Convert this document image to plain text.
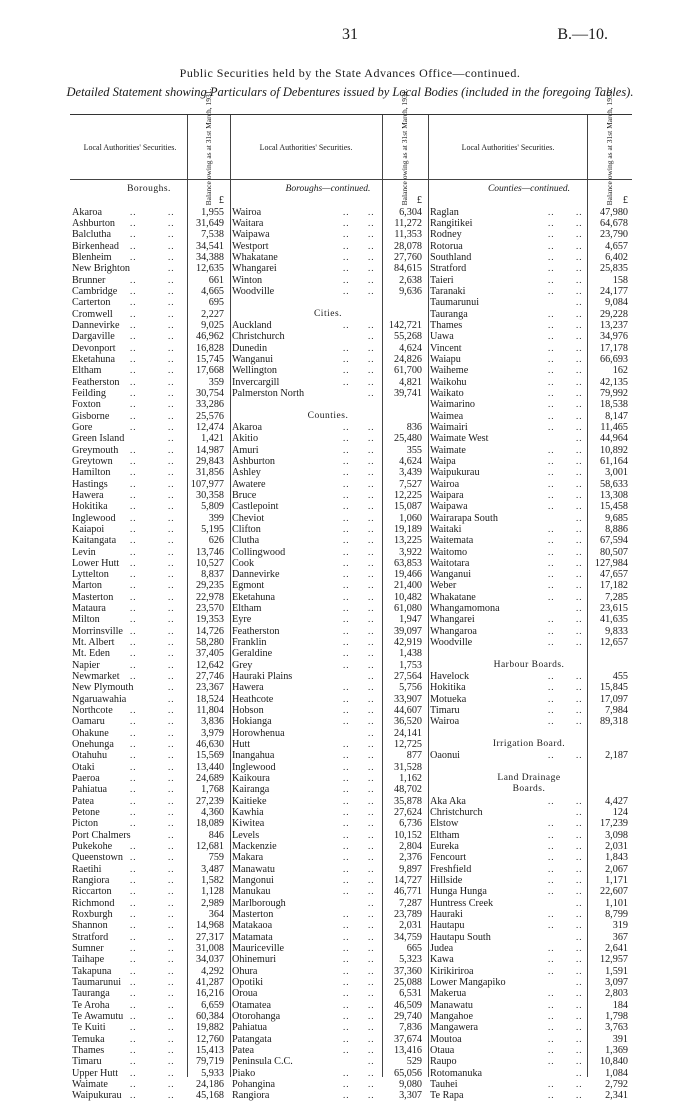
31	B.—10.
Public Securities held by the State Advances Office—continued.
Detailed Statement showing Particulars of Debentures issued by Local Bodies (included in the foregoing Tables).
Local Authorities' Securities.	Balance owing as at 31st March, 1931.	Local Authorities' Securities.	Balance owing as at 31st March, 1931.	Local Authorities' Securities.	Balance owing as at 31st March, 1931.
Boroughs.
£
Akaroa	..	..	1,955
Ashburton ..	.. 31,649
Balclutha ..	..	7,538
Birkenhead ..	.. 34,541
Blenheim ..	.. 34,388
New Brighton	.. 12,635
Brunner	..	..	661
Cambridge ..	..	4,665
Carterton ..	..	695
Cromwell ..	..	2,227
Dannevirke ..	..	9,025
Dargaville ..	.. 46,962
Devonport ..	.. 16,828
Eketahuna ..	.. 15,745
Eltham	..	.. 17,668
Featherston ..	..	359
Feilding	..	.. 30,754
Foxton	..	.. 33,286
Gisborne ..	.. 25,576
Gore	..	.. 12,474
Green Island	..	1,421
Greymouth ..	.. 14,987
Greytown ..	.. 29,843
Hamilton ..	.. 31,856
Hastings ..	.. 107,977
Hawera	..	.. 30,358
Hokitika ..	..	5,809
Inglewood ..	..	399
Kaiapoi	..	..	5,195
Kaitangata ..	..	626
Levin	..	.. 13,746
Lower Hutt ..	.. 10,527
Lyttelton ..	..	8,837
Marton	..	.. 29,235
Masterton ..	.. 22,978
Mataura	..	.. 23,570
Milton	..	.. 19,353
Morrinsville ..	.. 14,726
Mt. Albert ..	.. 58,280
Mt. Eden ..	.. 37,405
Napier	..	.. 12,642
Newmarket ..	.. 27,746
New Plymouth	.. 23,367
Ngaruawahia	.. 18,524
Northcote ..	.. 11,804
Oamaru	..	..	3,836
Ohakune ..	..	3,979
Onehunga ..	.. 46,630
Otahuhu	..	.. 15,569
Otaki	..	.. 13,440
Paeroa	..	.. 24,689
Pahiatua	..	..	1,768
Patea	..	.. 27,239
Petone	..	..	4,360
Picton	..	.. 18,089
Port Chalmers	..	846
Pukekohe ..	.. 12,681
Queenstown ..	..	759
Raetihi	..	..	3,487
Rangiora ..	..	1,582
Riccarton ..	..	1,128
Richmond ..	..	2,989
Roxburgh ..	..	364
Shannon ..	.. 14,968
Stratford ..	.. 27,317
Sumner	..	.. 31,008
Taihape	..	.. 34,037
Takapuna ..	..	4,292
Taumarunui ..	.. 41,287
Tauranga ..	.. 16,216
Te Aroha ..	..	6,659
Te Awamutu ..	.. 60,384
Te Kuiti	..	.. 19,882
Temuka	..	.. 12,760
Thames	..	.. 15,413
Timaru	..	.. 79,719
Upper Hutt ..	..	5,933
Waimate ..	.. 24,186
Waipukurau ..	.. 45,168
Boroughs—continued.
£
Wairoa	.. .. 6,304
Waitara	.. .. 11,272
Waipawa	.. .. 11,353
Westport	.. .. 28,078
Whakatane	.. .. 27,760
Whangarei	.. .. 84,615
Winton	.. .. 2,638
Woodville	.. .. 9,636
Cities.
Auckland	.. .. 142,721
Christchurch	.. 55,268
Dunedin	.. .. 4,624
Wanganui	.. .. 24,826
Wellington	.. .. 61,700
Invercargill	.. .. 4,821
Palmerston North	.. 39,741
Counties.
Akaroa	.. ..	836
Akitio	.. .. 25,480
Amuri	.. ..	355
Ashburton	.. .. 4,624
Ashley	.. .. 3,439
Awatere	.. .. 7,527
Bruce	.. .. 12,225
Castlepoint	.. .. 15,087
Cheviot	.. .. 1,060
Clifton	.. .. 19,189
Clutha	.. .. 13,225
Collingwood	.. .. 3,922
Cook	.. .. 63,853
Dannevirke	.. .. 19,466
Egmont	.. .. 21,400
Eketahuna	.. .. 10,482
Eltham	.. .. 61,080
Eyre	.. .. 1,947
Featherston	.. .. 39,097
Franklin	.. .. 42,919
Geraldine	.. .. 1,438
Grey	.. .. 1,753
Hauraki Plains	.. 27,564
Hawera	.. .. 5,756
Heathcote	.. .. 33,907
Hobson	.. .. 44,607
Hokianga	.. .. 36,520
Horowhenua	.. 24,141
Hutt	.. .. 12,725
Inangahua	.. ..	877
Inglewood	.. .. 31,528
Kaikoura	.. .. 1,162
Kairanga	.. .. 48,702
Kaitieke	.. .. 35,878
Kawhia	.. .. 27,624
Kiwitea	.. .. 6,736
Levels	.. .. 10,152
Mackenzie	.. .. 2,804
Makara	.. .. 2,376
Manawatu	.. .. 9,897
Mangonui	.. .. 14,727
Manukau	.. .. 46,771
Marlborough	.. 7,287
Masterton	.. .. 23,789
Matakaoa	.. .. 2,031
Matamata	.. .. 34,759
Mauriceville	.. ..	665
Ohinemuri	.. .. 5,323
Ohura	.. .. 37,360
Opotiki	.. .. 25,088
Oroua	.. .. 6,531
Otamatea	.. .. 46,509
Otorohanga	.. .. 29,740
Pahiatua	.. .. 7,836
Patangata	.. .. 37,674
Patea	.. .. 13,416
Peninsula C.C.	..	529
Piako	.. .. 65,056
Pohangina	.. .. 9,080
Rangiora	.. .. 3,307
Counties—continued.
£
Raglan	.. .. 47,980
Rangitikei	.. .. 64,678
Rodney	.. .. 23,790
Rotorua	.. .. 4,657
Southland	.. .. 6,402
Stratford	.. .. 25,835
Taieri	.. ..	158
Taranaki	.. .. 24,177
Taumarunui	.. 9,084
Tauranga	.. .. 29,228
Thames	.. .. 13,237
Uawa	.. .. 34,976
Vincent	.. .. 17,178
Waiapu	.. .. 66,693
Waiheme	.. ..	162
Waikohu	.. .. 42,135
Waikato	.. .. 79,992
Waimarino	.. .. 18,538
Waimea	.. .. 8,147
Waimairi	.. .. 11,465
Waimate West	.. 44,964
Waimate	.. .. 10,892
Waipa	.. .. 61,164
Waipukurau	.. .. 3,001
Wairoa	.. .. 58,633
Waipara	.. .. 13,308
Waipawa	.. .. 15,458
Wairarapa South	.. 9,685
Waitaki	.. .. 8,886
Waitemata	.. .. 67,594
Waitomo	.. .. 80,507
Waitotara	.. .. 127,984
Wanganui	.. .. 47,657
Weber	.. .. 17,182
Whakatane	.. .. 7,285
Whangamomona	.. 23,615
Whangarei	.. .. 41,635
Whangaroa	.. .. 9,833
Woodville	.. .. 12,657
Harbour Boards.
Havelock	.. ..	455
Hokitika	.. .. 15,845
Motueka	.. .. 17,097
Timaru	.. .. 7,984
Wairoa	.. .. 89,318
Irrigation Board.
Oaonui	.. .. 2,187
Land Drainage
Boards.
Aka Aka	.. .. 4,427
Christchurch	..	124
Elstow	.. .. 17,239
Eltham	.. .. 3,098
Eureka	.. .. 2,031
Fencourt	.. .. 1,843
Freshfield	.. .. 2,067
Hillside	.. .. 1,171
Hunga Hunga	.. .. 22,607
Huntress Creek	.. 1,101
Hauraki	.. .. 8,799
Hautapu	.. ..	319
Hautapu South	..	367
Judea	.. .. 2,641
Kawa	.. .. 12,957
Kirikiriroa	.. .. 1,591
Lower Mangapiko	.. 3,097
Makerua	.. .. 2,803
Manawatu	.. ..	184
Mangahoe	.. .. 1,798
Mangawera	.. .. 3,763
Moutoa	.. ..	391
Otaua	.. .. 1,369
Raupo	.. .. 10,840
Rotomanuka	.. 1,084
Tauhei	.. .. 2,792
Te Rapa	.. .. 2,341
